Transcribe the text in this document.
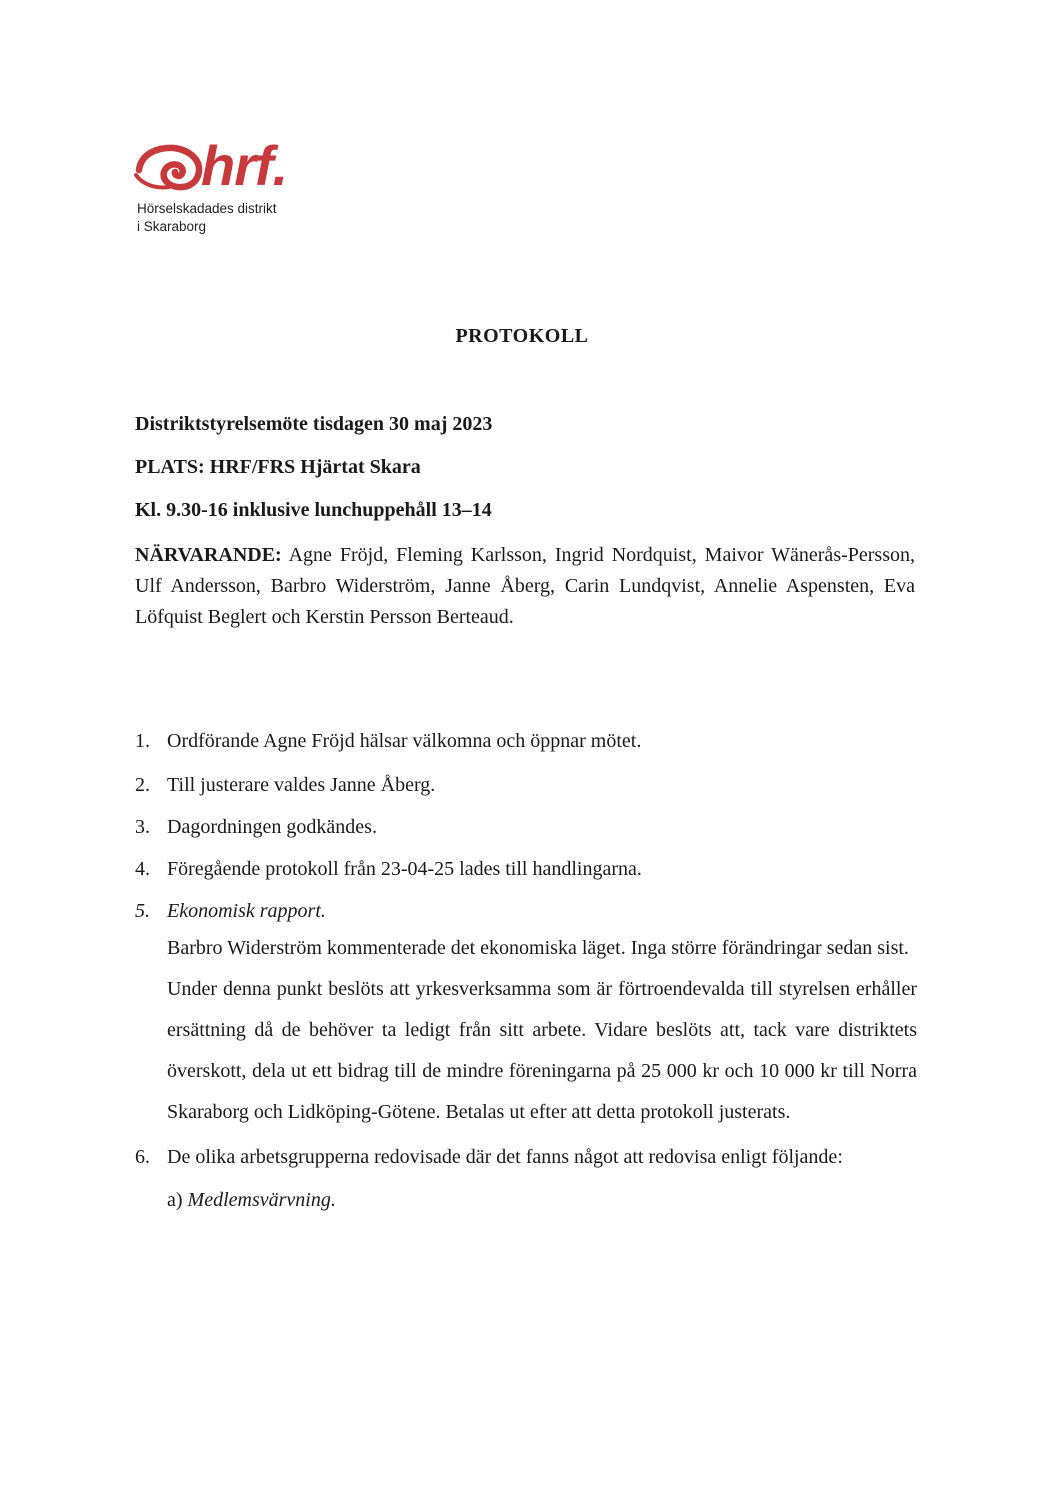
hrf.
Hörselskadades distrikt
i Skaraborg
PROTOKOLL
Distriktstyrelsemöte tisdagen 30 maj 2023
PLATS: HRF/FRS Hjärtat Skara
Kl. 9.30-16 inklusive lunchuppehåll 13–14
NÄRVARANDE: Agne Fröjd, Fleming Karlsson, Ingrid Nordquist, Maivor Wänerås-Persson, Ulf Andersson, Barbro Widerström, Janne Åberg, Carin Lundqvist, Annelie Aspensten, Eva Löfquist Beglert och Kerstin Persson Berteaud.
1. Ordförande Agne Fröjd hälsar välkomna och öppnar mötet.
2. Till justerare valdes Janne Åberg.
3. Dagordningen godkändes.
4. Föregående protokoll från 23-04-25 lades till handlingarna.
5. Ekonomisk rapport.
Barbro Widerström kommenterade det ekonomiska läget. Inga större förändringar sedan sist.
Under denna punkt beslöts att yrkesverksamma som är förtroendevalda till styrelsen erhåller ersättning då de behöver ta ledigt från sitt arbete. Vidare beslöts att, tack vare distriktets överskott, dela ut ett bidrag till de mindre föreningarna på 25 000 kr och 10 000 kr till Norra Skaraborg och Lidköping-Götene. Betalas ut efter att detta protokoll justerats.
6. De olika arbetsgrupperna redovisade där det fanns något att redovisa enligt följande:
a) Medlemsvärvning.
